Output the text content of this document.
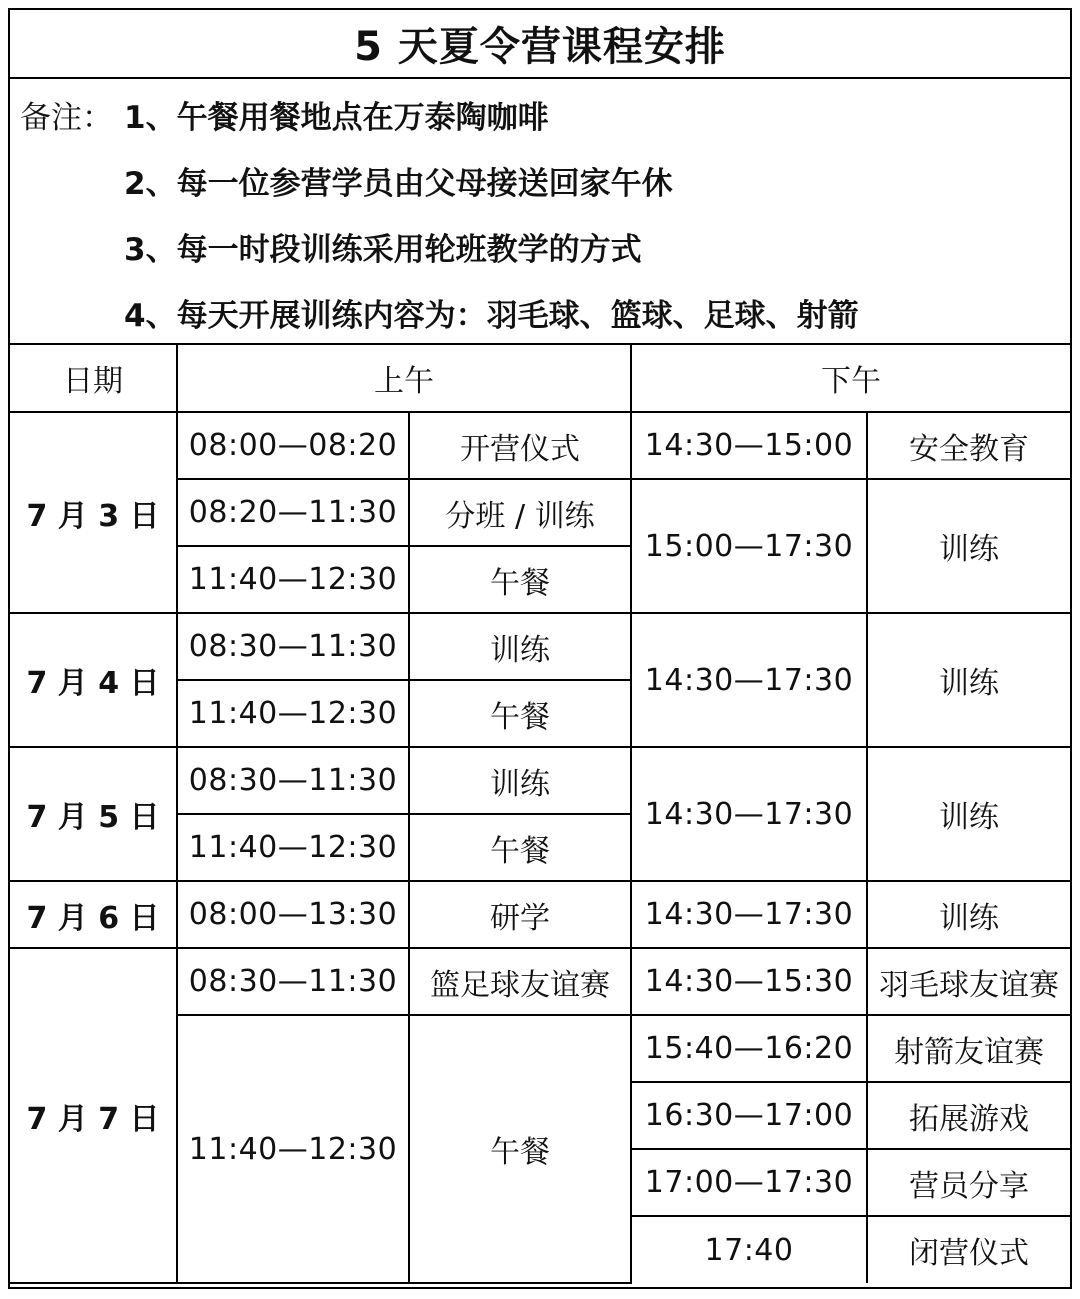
5 天夏令营课程安排
备注： 1、午餐用餐地点在万泰陶咖啡
2、每一位参营学员由父母接送回家午休
3、每一时段训练采用轮班教学的方式
4、每天开展训练内容为：羽毛球、篮球、足球、射箭
日期	上午		下午	
7 月 3 日	08:00—08:20	开营仪式	14:30—15:00	安全教育
	08:20—11:30	分班 / 训练	15:00—17:30	训练
	11:40—12:30	午餐		
7 月 4 日	08:30—11:30	训练	14:30—17:30	训练
	11:40—12:30	午餐		
7 月 5 日	08:30—11:30	训练	14:30—17:30	训练
	11:40—12:30	午餐		
7 月 6 日	08:00—13:30	研学	14:30—17:30	训练
7 月 7 日	08:30—11:30	篮足球友谊赛	14:30—15:30	羽毛球友谊赛
	11:40—12:30	午餐	15:40—16:20	射箭友谊赛
			16:30—17:00	拓展游戏
			17:00—17:30	营员分享
			17:40	闭营仪式
